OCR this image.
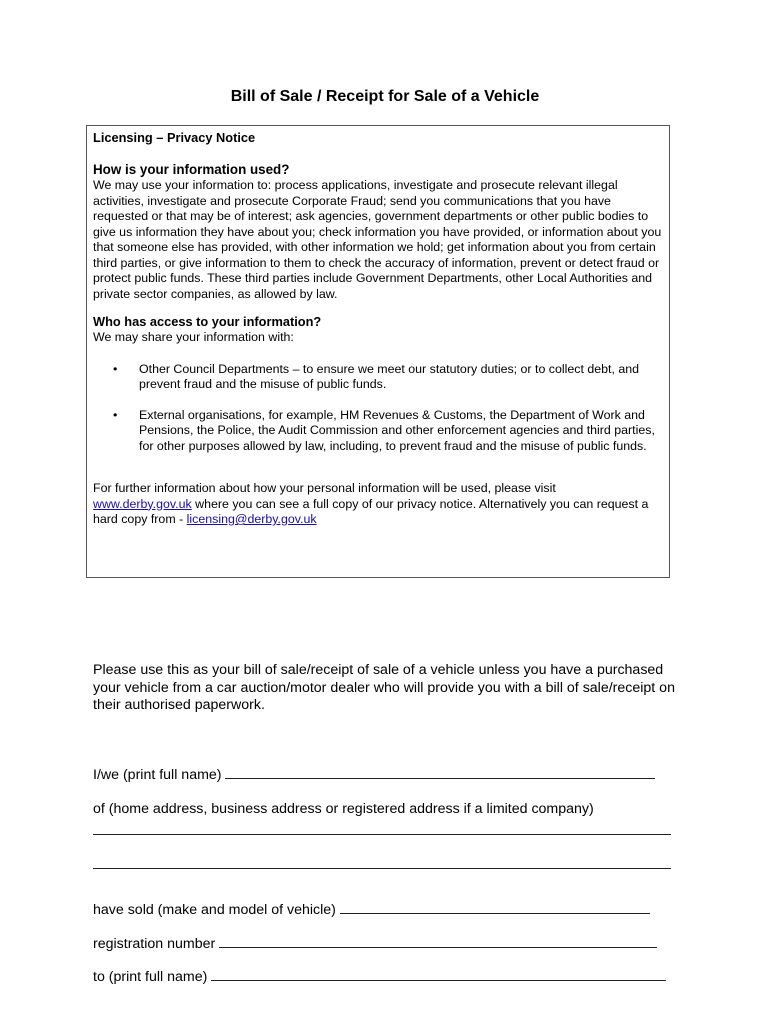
Bill of Sale / Receipt for Sale of a Vehicle
Licensing – Privacy Notice
How is your information used?

We may use your information to: process applications, investigate and prosecute relevant illegal activities, investigate and prosecute Corporate Fraud; send you communications that you have requested or that may be of interest; ask agencies, government departments or other public bodies to give us information they have about you; check information you have provided, or information about you that someone else has provided, with other information we hold; get information about you from certain third parties, or give information to them to check the accuracy of information, prevent or detect fraud or protect public funds. These third parties include Government Departments, other Local Authorities and private sector companies, as allowed by law.

Who has access to your information?

We may share your information with:

• Other Council Departments – to ensure we meet our statutory duties; or to collect debt, and prevent fraud and the misuse of public funds.
• External organisations, for example, HM Revenues & Customs, the Department of Work and Pensions, the Police, the Audit Commission and other enforcement agencies and third parties, for other purposes allowed by law, including, to prevent fraud and the misuse of public funds.

For further information about how your personal information will be used, please visit
www.derby.gov.uk where you can see a full copy of our privacy notice. Alternatively you can request a hard copy from - licensing@derby.gov.uk

Please use this as your bill of sale/receipt of sale of a vehicle unless you have a purchased your vehicle from a car auction/motor dealer who will provide you with a bill of sale/receipt on their authorised paperwork.
I/we (print full name)
of (home address, business address or registered address if a limited company)
have sold (make and model of vehicle)
registration number
to (print full name)
